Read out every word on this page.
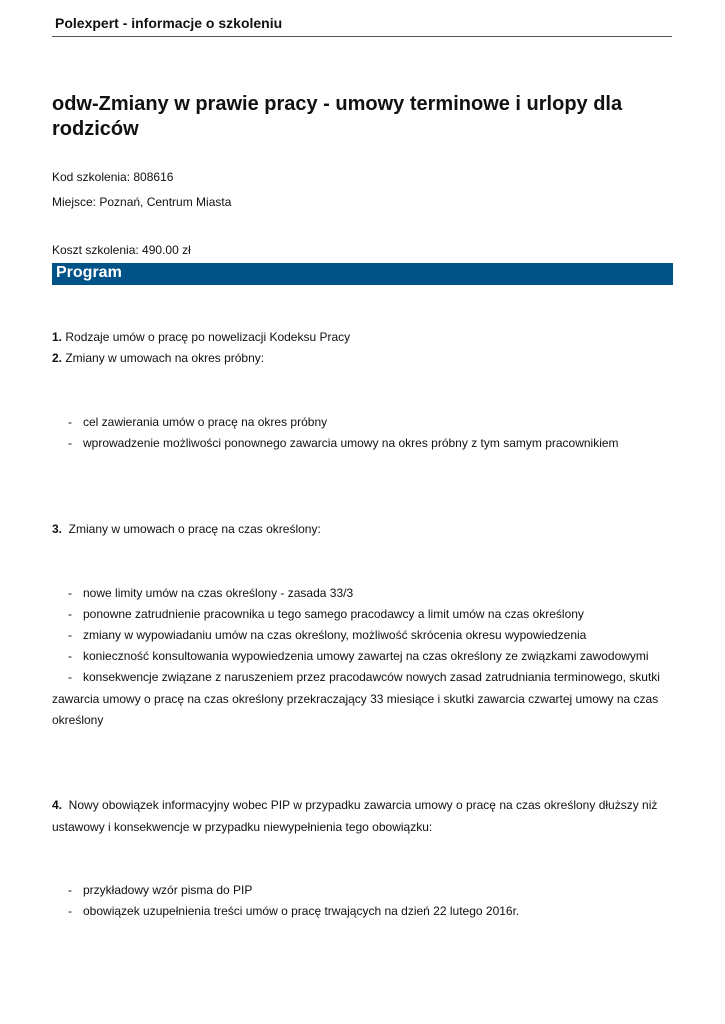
Polexpert - informacje o szkoleniu
odw-Zmiany w prawie pracy - umowy terminowe i urlopy dla rodziców
Kod szkolenia: 808616
Miejsce: Poznań, Centrum Miasta
Koszt szkolenia: 490.00 zł
Program
1. Rodzaje umów o pracę po nowelizacji Kodeksu Pracy
2. Zmiany w umowach na okres próbny:
- cel zawierania umów o pracę na okres próbny
- wprowadzenie możliwości ponownego zawarcia umowy na okres próbny z tym samym pracownikiem
3.  Zmiany w umowach o pracę na czas określony:
- nowe limity umów na czas określony - zasada 33/3
- ponowne zatrudnienie pracownika u tego samego pracodawcy a limit umów na czas określony
- zmiany w wypowiadaniu umów na czas określony, możliwość skrócenia okresu wypowiedzenia
- konieczność konsultowania wypowiedzenia umowy zawartej na czas określony ze związkami zawodowymi
- konsekwencje związane z naruszeniem przez pracodawców nowych zasad zatrudniania terminowego, skutki zawarcia umowy o pracę na czas określony przekraczający 33 miesiące i skutki zawarcia czwartej umowy na czas określony
4.  Nowy obowiązek informacyjny wobec PIP w przypadku zawarcia umowy o pracę na czas określony dłuższy niż ustawowy i konsekwencje w przypadku niewypełnienia tego obowiązku:
- przykładowy wzór pisma do PIP
- obowiązek uzupełnienia treści umów o pracę trwających na dzień 22 lutego 2016r.
